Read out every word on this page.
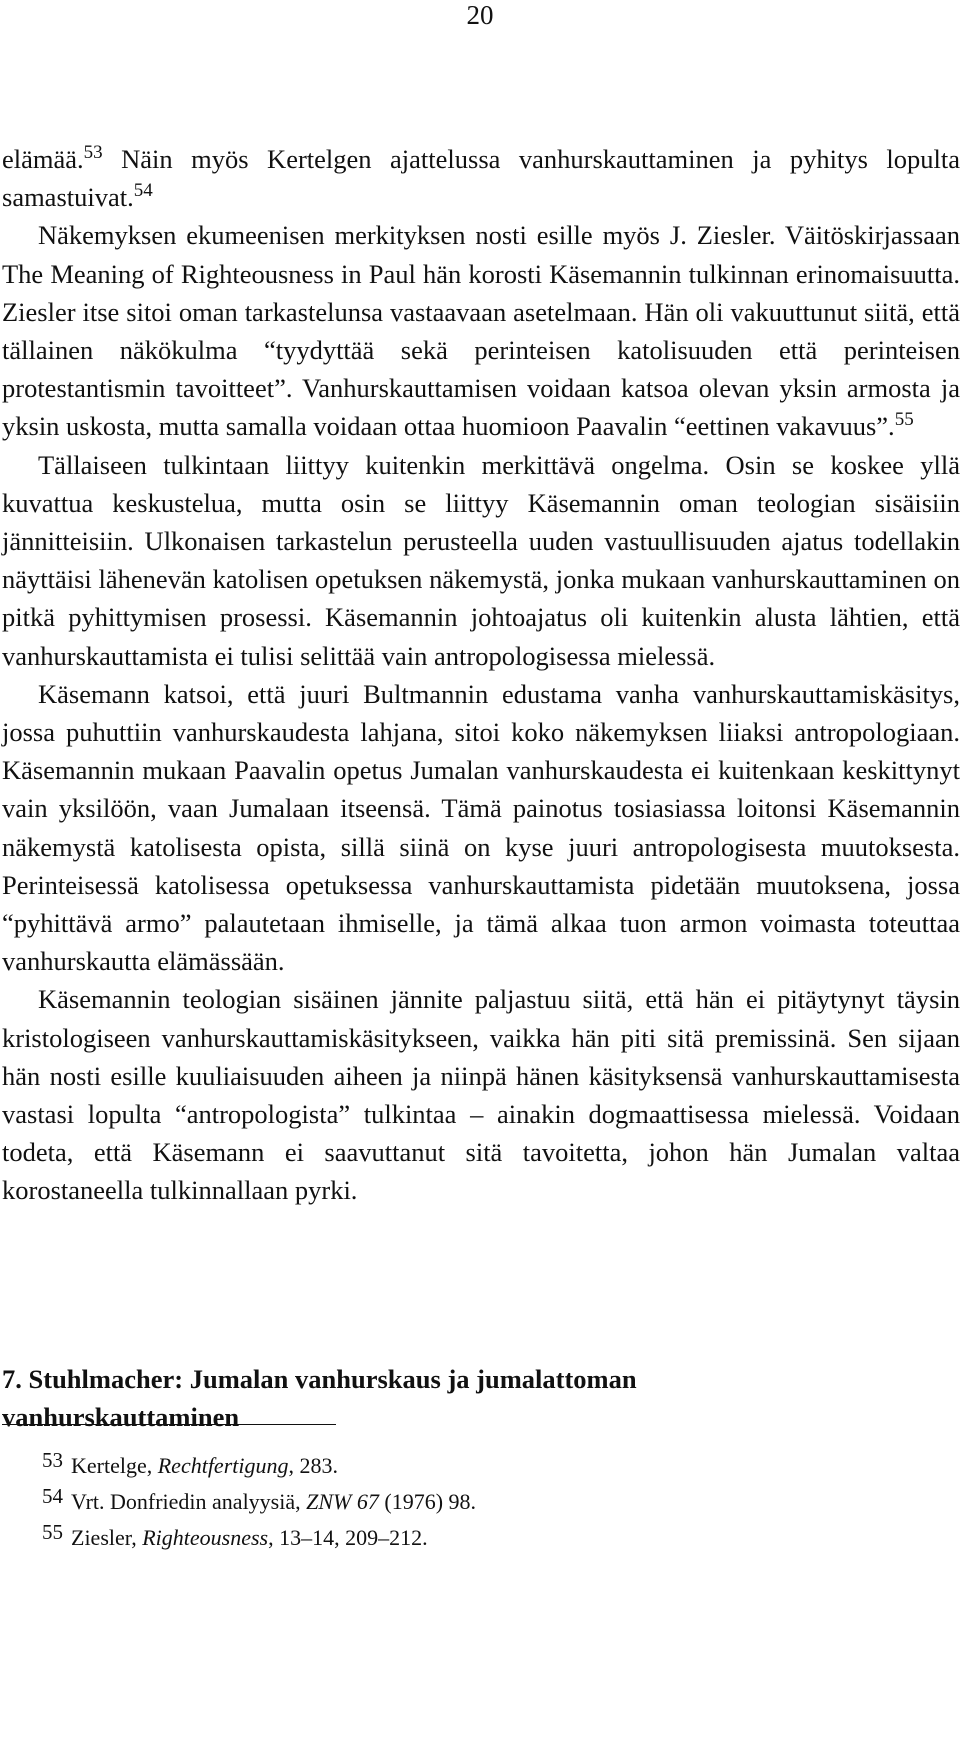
20

elämää.$^{53}$ Näin myös Kertelgen ajattelussa vanhurskauttaminen ja pyhitys lopulta samastuivat.$^{54}$

Näkemyksen ekumeenisen merkityksen nosti esille myös J. Ziesler. Väitöskirjassaan The Meaning of Righteousness in Paul hän korosti Käsemannin tulkinnan erinomaisuutta. Ziesler itse sitoi oman tarkastelunsa vastaavaan asetelmaan. Hän oli vakuuttunut siitä, että tällainen näkökulma “tyydyttää sekä perinteisen katolisuuden että perinteisen protestantismin tavoitteet”. Vanhurskauttamisen voidaan katsoa olevan yksin armosta ja yksin uskosta, mutta samalla voidaan ottaa huomioon Paavalin “eettinen vakavuus”.$^{55}$

Tällaiseen tulkintaan liittyy kuitenkin merkittävä ongelma. Osin se koskee yllä kuvattua keskustelua, mutta osin se liittyy Käsemannin oman teologian sisäisiin jännitteisiin. Ulkonaisen tarkastelun perusteella uuden vastuullisuuden ajatus todellakin näyttäisi lähenevän katolisen opetuksen näkemystä, jonka mukaan vanhurskauttaminen on pitkä pyhittymisen prosessi. Käsemannin johtoajatus oli kuitenkin alusta lähtien, että vanhurskauttamista ei tulisi selittää vain antropologisessa mielessä.

Käsemann katsoi, että juuri Bultmannin edustama vanha vanhurskauttamiskäsitys, jossa puhuttiin vanhurskaudesta lahjana, sitoi koko näkemyksen liiaksi antropologiaan. Käsemannin mukaan Paavalin opetus Jumalan vanhurskaudesta ei kuitenkaan keskittynyt vain yksilöön, vaan Jumalaan itseensä. Tämä painotus tosiasiassa loitonsi Käsemannin näkemystä katolisesta opista, sillä siinä on kyse juuri antropologisesta muutoksesta. Perinteisessä katolisessa opetuksessa vanhurskauttamista pidetään muutoksena, jossa “pyhittävä armo” palautetaan ihmiselle, ja tämä alkaa tuon armon voimasta toteuttaa vanhurskautta elämässään.

Käsemannin teologian sisäinen jännite paljastuu siitä, että hän ei pitäytynyt täysin kristologiseen vanhurskauttamiskäsitykseen, vaikka hän piti sitä premissinä. Sen sijaan hän nosti esille kuuliaisuuden aiheen ja niinpä hänen käsityksensä vanhurskauttamisesta vastasi lopulta “antropologista” tulkintaa – ainakin dogmaattisessa mielessä. Voidaan todeta, että Käsemann ei saavuttanut sitä tavoitetta, johon hän Jumalan valtaa korostaneella tulkinnallaan pyrki.

7. Stuhlmacher: Jumalan vanhurskaus ja jumalattoman
vanhurskauttaminen

53 Kertelge, Rechtfertigung, 283.

54 Vrt. Donfriedin analyysiä, ZNW 67 (1976) 98.

55 Ziesler, Righteousness, 13–14, 209–212.
